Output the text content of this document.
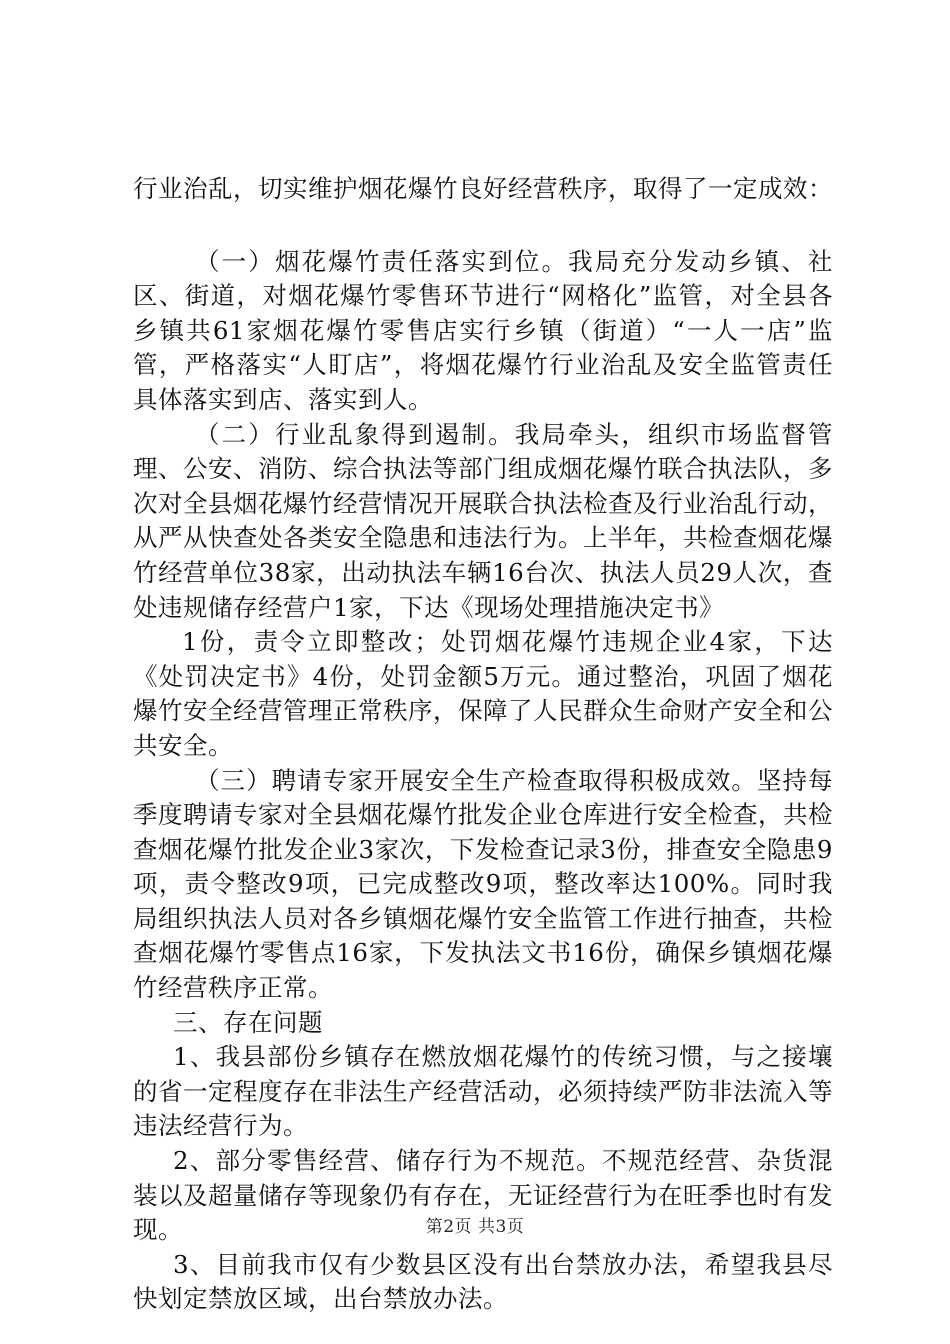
行业治乱，切实维护烟花爆竹良好经营秩序，取得了一定成效：

（一）烟花爆竹责任落实到位。我局充分发动乡镇、社区、街道，对烟花爆竹零售环节进行“网格化”监管，对全县各乡镇共61家烟花爆竹零售店实行乡镇（街道）“一人一店”监管，严格落实“人盯店”，将烟花爆竹行业治乱及安全监管责任具体落实到店、落实到人。

（二）行业乱象得到遏制。我局牵头，组织市场监督管理、公安、消防、综合执法等部门组成烟花爆竹联合执法队，多次对全县烟花爆竹经营情况开展联合执法检查及行业治乱行动，从严从快查处各类安全隐患和违法行为。上半年，共检查烟花爆竹经营单位38家，出动执法车辆16台次、执法人员29人次，查处违规储存经营户1家，下达《现场处理措施决定书》

1份，责令立即整改；处罚烟花爆竹违规企业4家，下达《处罚决定书》4份，处罚金额5万元。通过整治，巩固了烟花爆竹安全经营管理正常秩序，保障了人民群众生命财产安全和公共安全。

（三）聘请专家开展安全生产检查取得积极成效。坚持每季度聘请专家对全县烟花爆竹批发企业仓库进行安全检查，共检查烟花爆竹批发企业3家次，下发检查记录3份，排查安全隐患9项，责令整改9项，已完成整改9项，整改率达100%。同时我局组织执法人员对各乡镇烟花爆竹安全监管工作进行抽查，共检查烟花爆竹零售点16家，下发执法文书16份，确保乡镇烟花爆竹经营秩序正常。

三、存在问题

1、我县部份乡镇存在燃放烟花爆竹的传统习惯，与之接壤的省一定程度存在非法生产经营活动，必须持续严防非法流入等违法经营行为。

2、部分零售经营、储存行为不规范。不规范经营、杂货混装以及超量储存等现象仍有存在，无证经营行为在旺季也时有发现。

3、目前我市仅有少数县区没有出台禁放办法，希望我县尽快划定禁放区域，出台禁放办法。

第2页 共3页
